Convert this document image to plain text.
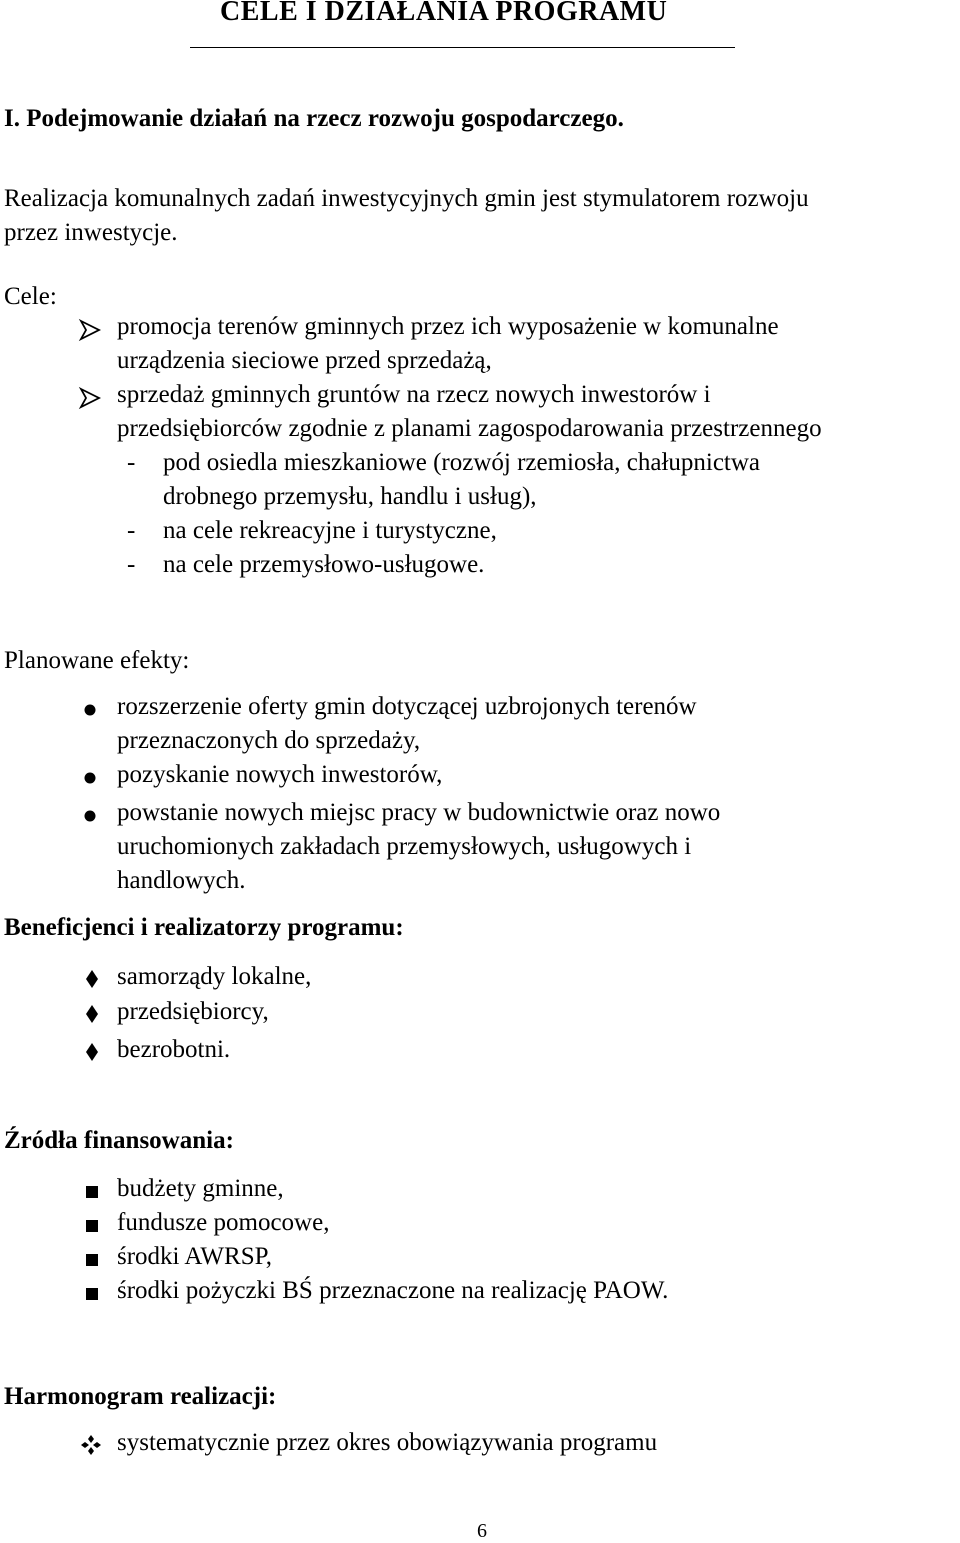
CELE I DZIAŁANIA PROGRAMU
I. Podejmowanie działań na rzecz rozwoju gospodarczego.
Realizacja komunalnych zadań inwestycyjnych gmin jest stymulatorem rozwoju
przez inwestycje.
Cele:
promocja terenów gminnych przez ich wyposażenie w komunalne
urządzenia sieciowe przed sprzedażą,
sprzedaż gminnych gruntów na rzecz nowych inwestorów i
przedsiębiorców zgodnie z planami zagospodarowania przestrzennego
- pod osiedla mieszkaniowe (rozwój rzemiosła, chałupnictwa
drobnego przemysłu, handlu i usług),
- na cele rekreacyjne i turystyczne,
- na cele przemysłowo-usługowe.
Planowane efekty:
rozszerzenie oferty gmin dotyczącej uzbrojonych terenów
przeznaczonych do sprzedaży,
pozyskanie nowych inwestorów,
powstanie nowych miejsc pracy w budownictwie oraz nowo
uruchomionych zakładach przemysłowych, usługowych i
handlowych.
Beneficjenci i realizatorzy programu:
samorządy lokalne,
przedsiębiorcy,
bezrobotni.
Źródła finansowania:
budżety gminne,
fundusze pomocowe,
środki AWRSP,
środki pożyczki BŚ przeznaczone na realizację PAOW.
Harmonogram realizacji:
systematycznie przez okres obowiązywania programu
6
